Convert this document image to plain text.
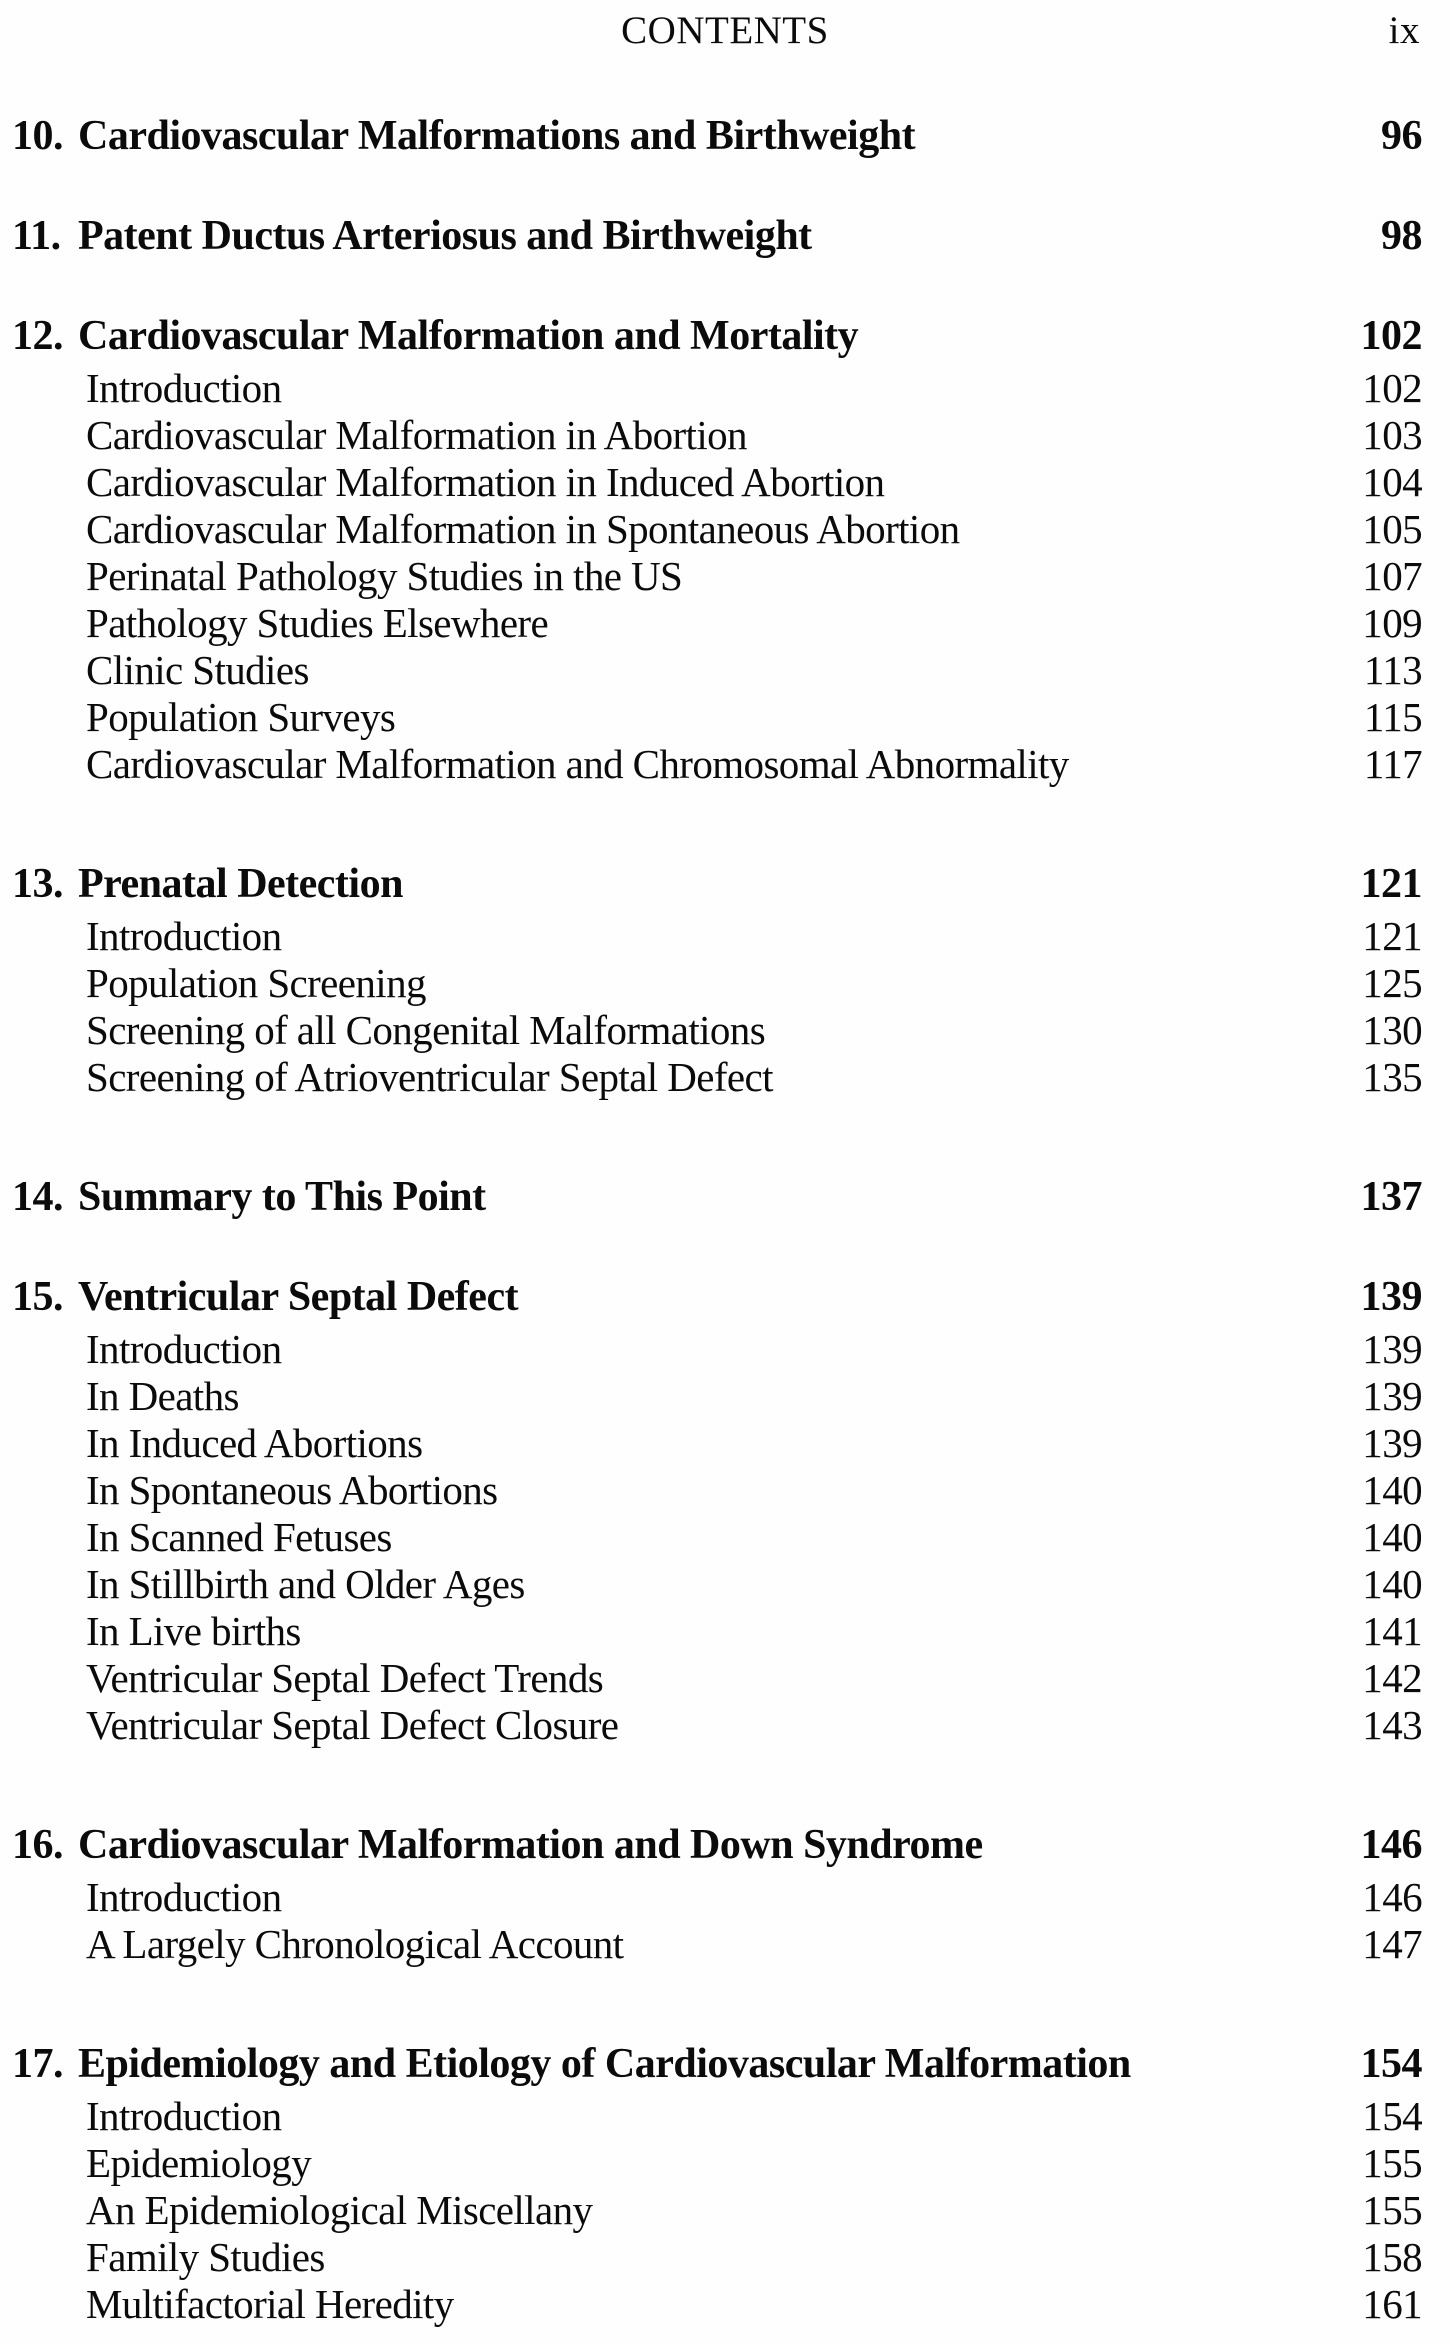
CONTENTS	ix
10. Cardiovascular Malformations and Birthweight	96
11. Patent Ductus Arteriosus and Birthweight	98
12. Cardiovascular Malformation and Mortality	102
Introduction	102
Cardiovascular Malformation in Abortion	103
Cardiovascular Malformation in Induced Abortion	104
Cardiovascular Malformation in Spontaneous Abortion	105
Perinatal Pathology Studies in the US	107
Pathology Studies Elsewhere	109
Clinic Studies	113
Population Surveys	115
Cardiovascular Malformation and Chromosomal Abnormality	117
13. Prenatal Detection	121
Introduction	121
Population Screening	125
Screening of all Congenital Malformations	130
Screening of Atrioventricular Septal Defect	135
14. Summary to This Point	137
15. Ventricular Septal Defect	139
Introduction	139
In Deaths	139
In Induced Abortions	139
In Spontaneous Abortions	140
In Scanned Fetuses	140
In Stillbirth and Older Ages	140
In Live births	141
Ventricular Septal Defect Trends	142
Ventricular Septal Defect Closure	143
16. Cardiovascular Malformation and Down Syndrome	146
Introduction	146
A Largely Chronological Account	147
17. Epidemiology and Etiology of Cardiovascular Malformation	154
Introduction	154
Epidemiology	155
An Epidemiological Miscellany	155
Family Studies	158
Multifactorial Heredity	161
